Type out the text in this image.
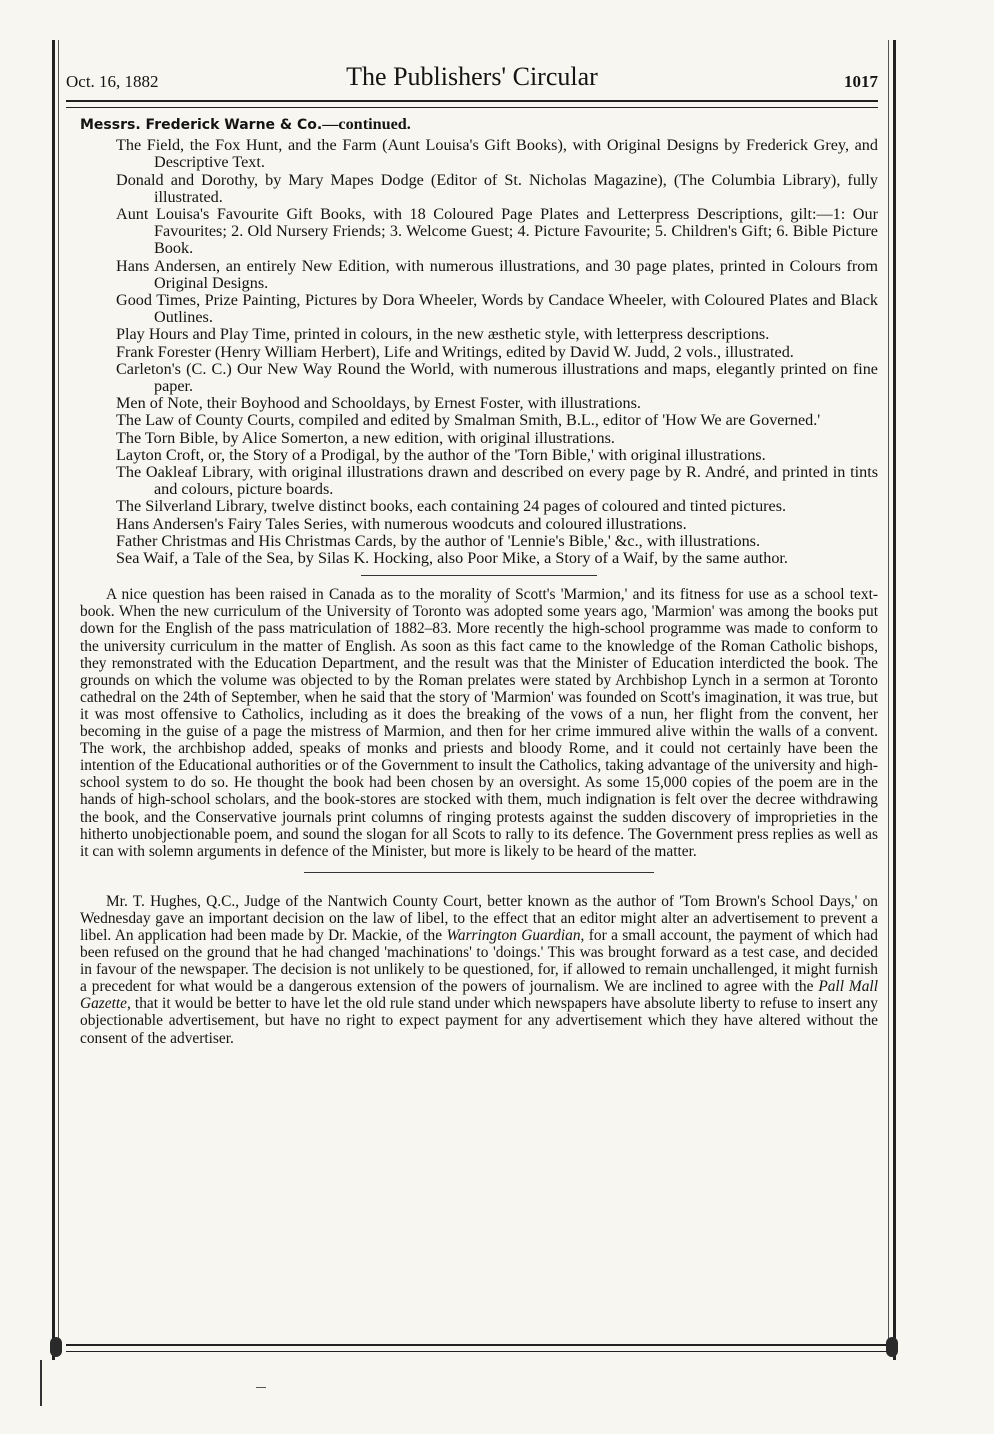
Oct. 16, 1882	The Publishers' Circular	1017

Messrs. Frederick Warne & Co.—continued.

The Field, the Fox Hunt, and the Farm (Aunt Louisa's Gift Books), with Original Designs by Frederick Grey, and Descriptive Text.
Donald and Dorothy, by Mary Mapes Dodge (Editor of St. Nicholas Magazine), (The Columbia Library), fully illustrated.
Aunt Louisa's Favourite Gift Books, with 18 Coloured Page Plates and Letterpress Descriptions, gilt:—1: Our Favourites; 2. Old Nursery Friends; 3. Welcome Guest; 4. Picture Favourite; 5. Children's Gift; 6. Bible Picture Book.
Hans Andersen, an entirely New Edition, with numerous illustrations, and 30 page plates, printed in Colours from Original Designs.
Good Times, Prize Painting, Pictures by Dora Wheeler, Words by Candace Wheeler, with Coloured Plates and Black Outlines.
Play Hours and Play Time, printed in colours, in the new æsthetic style, with letterpress descriptions.
Frank Forester (Henry William Herbert), Life and Writings, edited by David W. Judd, 2 vols., illustrated.
Carleton's (C. C.) Our New Way Round the World, with numerous illustrations and maps, elegantly printed on fine paper.
Men of Note, their Boyhood and Schooldays, by Ernest Foster, with illustrations.
The Law of County Courts, compiled and edited by Smalman Smith, B.L., editor of 'How We are Governed.'
The Torn Bible, by Alice Somerton, a new edition, with original illustrations.
Layton Croft, or, the Story of a Prodigal, by the author of the 'Torn Bible,' with original illustrations.
The Oakleaf Library, with original illustrations drawn and described on every page by R. André, and printed in tints and colours, picture boards.
The Silverland Library, twelve distinct books, each containing 24 pages of coloured and tinted pictures.
Hans Andersen's Fairy Tales Series, with numerous woodcuts and coloured illustrations.
Father Christmas and His Christmas Cards, by the author of 'Lennie's Bible,' &c., with illustrations.
Sea Waif, a Tale of the Sea, by Silas K. Hocking, also Poor Mike, a Story of a Waif, by the same author.

A nice question has been raised in Canada as to the morality of Scott's 'Marmion,' and its fitness for use as a school text-book. When the new curriculum of the University of Toronto was adopted some years ago, 'Marmion' was among the books put down for the English of the pass matriculation of 1882–83. More recently the high-school programme was made to conform to the university curriculum in the matter of English. As soon as this fact came to the knowledge of the Roman Catholic bishops, they remonstrated with the Education Department, and the result was that the Minister of Education interdicted the book. The grounds on which the volume was objected to by the Roman prelates were stated by Archbishop Lynch in a sermon at Toronto cathedral on the 24th of September, when he said that the story of 'Marmion' was founded on Scott's imagination, it was true, but it was most offensive to Catholics, including as it does the breaking of the vows of a nun, her flight from the convent, her becoming in the guise of a page the mistress of Marmion, and then for her crime immured alive within the walls of a convent. The work, the archbishop added, speaks of monks and priests and bloody Rome, and it could not certainly have been the intention of the Educational authorities or of the Government to insult the Catholics, taking advantage of the university and high-school system to do so. He thought the book had been chosen by an oversight. As some 15,000 copies of the poem are in the hands of high-school scholars, and the book-stores are stocked with them, much indignation is felt over the decree withdrawing the book, and the Conservative journals print columns of ringing protests against the sudden discovery of improprieties in the hitherto unobjectionable poem, and sound the slogan for all Scots to rally to its defence. The Government press replies as well as it can with solemn arguments in defence of the Minister, but more is likely to be heard of the matter.

Mr. T. Hughes, Q.C., Judge of the Nantwich County Court, better known as the author of 'Tom Brown's School Days,' on Wednesday gave an important decision on the law of libel, to the effect that an editor might alter an advertisement to prevent a libel. An application had been made by Dr. Mackie, of the Warrington Guardian, for a small account, the payment of which had been refused on the ground that he had changed 'machinations' to 'doings.' This was brought forward as a test case, and decided in favour of the newspaper. The decision is not unlikely to be questioned, for, if allowed to remain unchallenged, it might furnish a precedent for what would be a dangerous extension of the powers of journalism. We are inclined to agree with the Pall Mall Gazette, that it would be better to have let the old rule stand under which newspapers have absolute liberty to refuse to insert any objectionable advertisement, but have no right to expect payment for any advertisement which they have altered without the consent of the advertiser.
